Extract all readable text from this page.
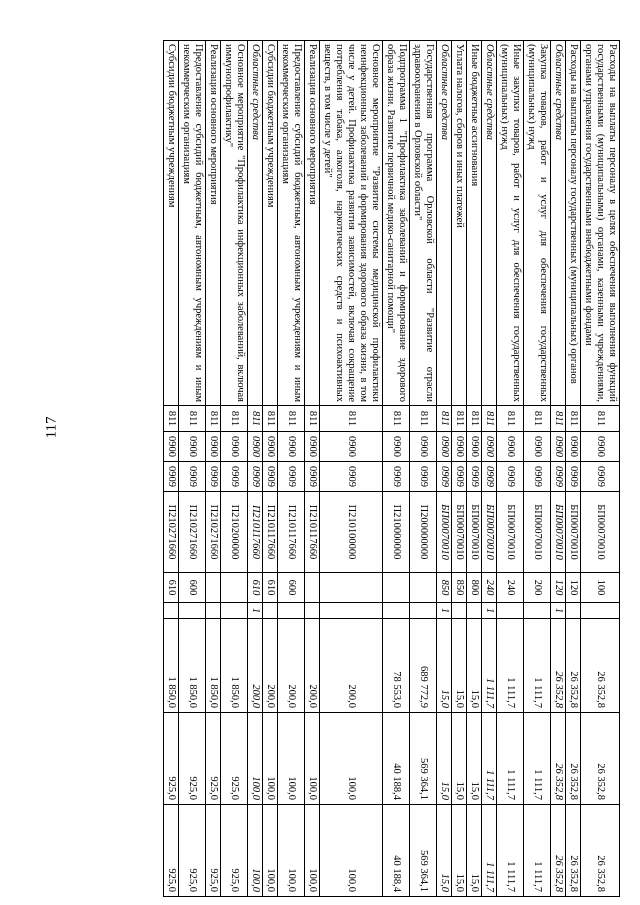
117
Расходы на выплаты персоналу в целях обеспечения выполнения функций государственными (муниципальными) органами, казенными учреждениями, органами управления государственными внебюджетными фондами	811	0900	0909	БП00070010	100		26 352,8	26 352,8	26 352,8
Расходы на выплаты персоналу государственных (муниципальных) органов	811	0900	0909	БП00070010	120		26 352,8	26 352,8	26 352,8
Областные средства	811	0900	0909	БП00070010	120	1	26 352,8	26 352,8	26 352,8
Закупка товаров, работ и услуг для обеспечения государственных (муниципальных) нужд	811	0900	0909	БП00070010	200		1 111,7	1 111,7	1 111,7
Иные закупки товаров, работ и услуг для обеспечения государственных (муниципальных) нужд	811	0900	0909	БП00070010	240		1 111,7	1 111,7	1 111,7
Областные средства	811	0900	0909	БП00070010	240	1	1 111,7	1 111,7	1 111,7
Иные бюджетные ассигнования	811	0900	0909	БП00070010	800		15,0	15,0	15,0
Уплата налогов, сборов и иных платежей	811	0900	0909	БП00070010	850		15,0	15,0	15,0
Областные средства	811	0900	0909	БП00070010	850	1	15,0	15,0	15,0
Государственная программа Орловской области "Развитие отрасли здравоохранения в Орловской области"	811	0900	0909	П200000000			689 772,9	569 364,1	569 364,1
Подпрограмма 1 "Профилактика заболеваний и формирование здорового образа жизни. Развитие первичной медико-санитарной помощи"	811	0900	0909	П210000000			78 553,0	40 188,4	40 188,4
Основное мероприятие "Развитие системы медицинской профилактики неинфекционных заболеваний и формирования здорового образа жизни, в том числе у детей. Профилактика развития зависимостей, включая сокращение потребления табака, алкоголя, наркотических средств и психоактивных веществ, в том числе у детей"	811	0900	0909	П210100000			200,0	100,0	100,0
Реализация основного мероприятия	811	0900	0909	П210117660			200,0	100,0	100,0
Предоставление субсидий бюджетным, автономным учреждениям и иным некоммерческим организациям	811	0900	0909	П210117660	600		200,0	100,0	100,0
Субсидии бюджетным учреждениям	811	0900	0909	П210117660	610		200,0	100,0	100,0
Областные средства	811	0900	0909	П210117660	610	1	200,0	100,0	100,0
Основное мероприятие "Профилактика инфекционных заболеваний, включая иммунопрофилактику"	811	0900	0909	П210200000			1 850,0	925,0	925,0
Реализация основного мероприятия	811	0900	0909	П210271660			1 850,0	925,0	925,0
Предоставление субсидий бюджетным, автономным учреждениям и иным некоммерческим организациям	811	0900	0909	П210271660	600		1 850,0	925,0	925,0
Субсидии бюджетным учреждениям	811	0900	0909	П210271660	610		1 850,0	925,0	925,0
